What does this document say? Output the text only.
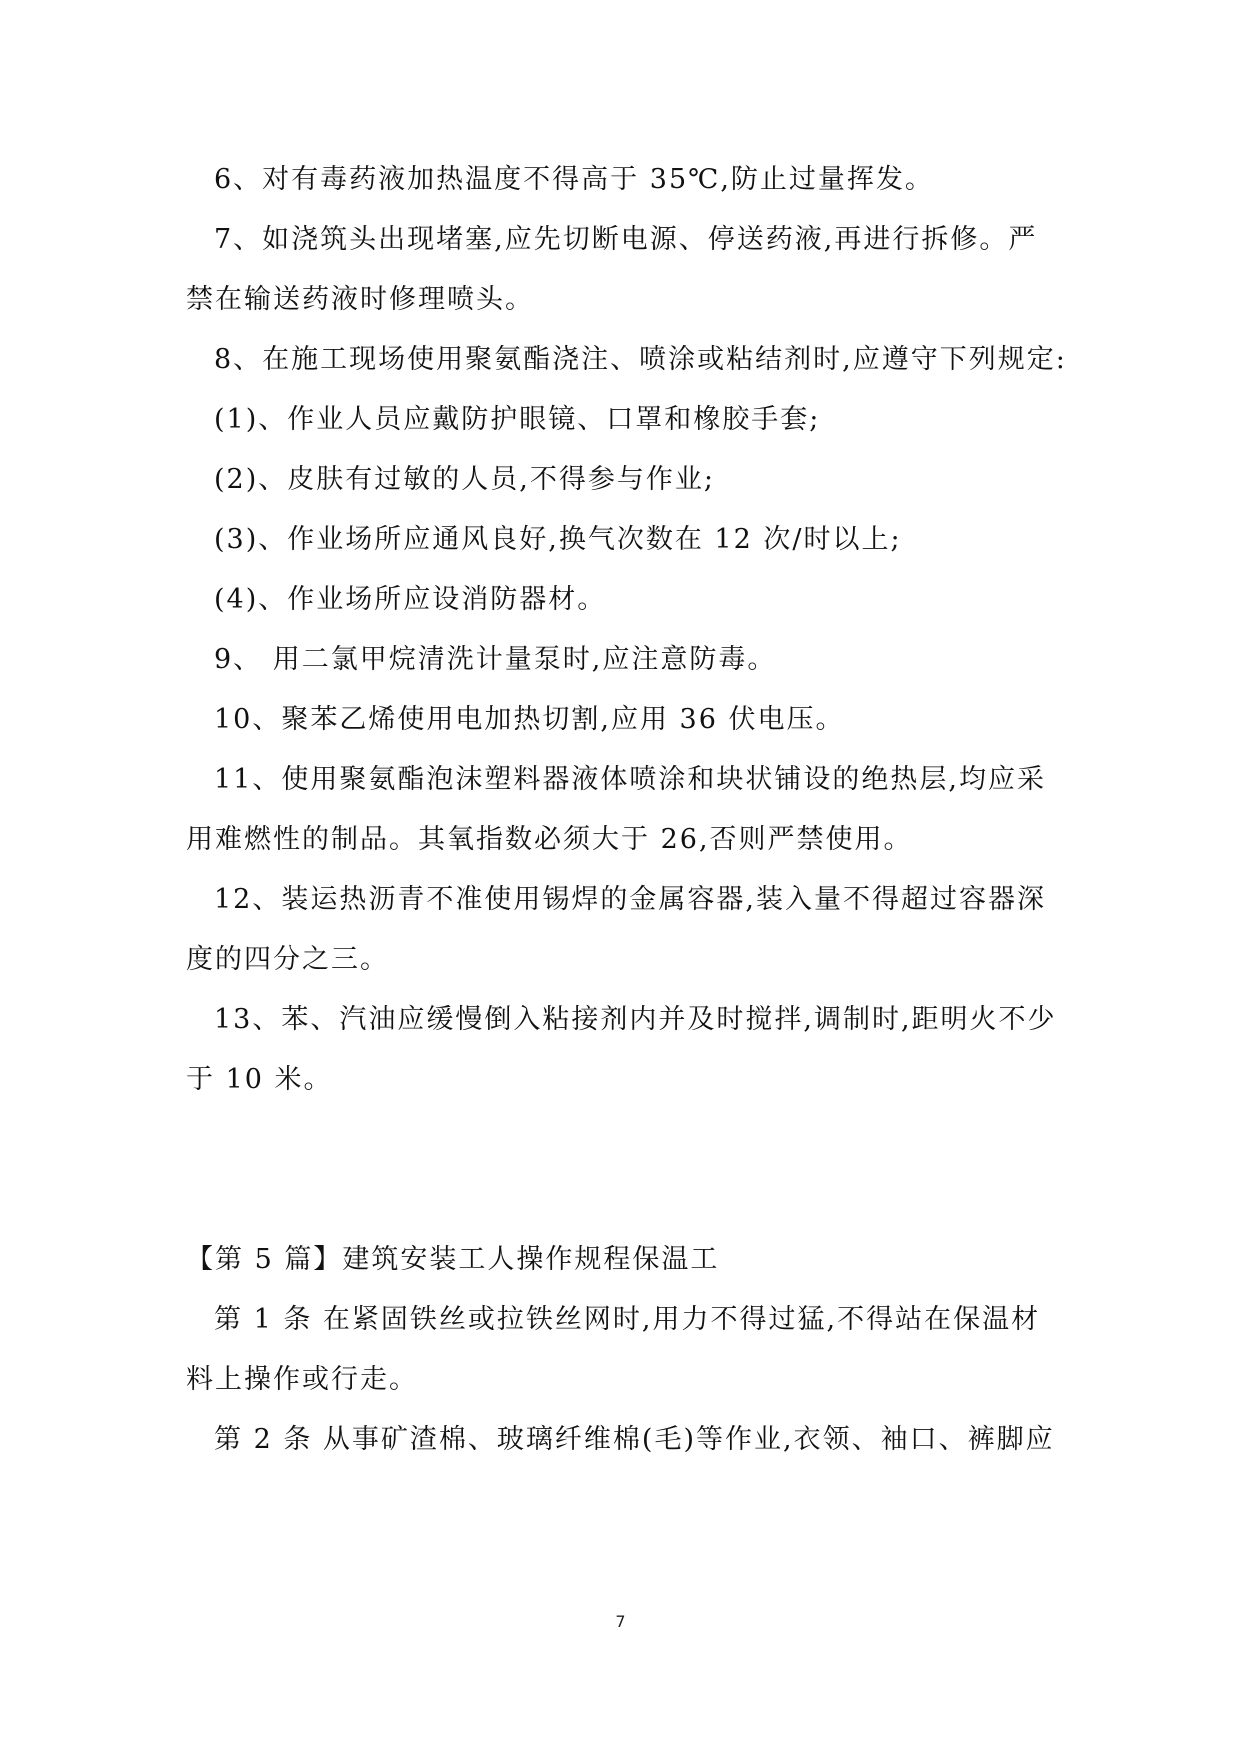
6、对有毒药液加热温度不得高于 35℃,防止过量挥发。
7、如浇筑头出现堵塞,应先切断电源、停送药液,再进行拆修。严
禁在输送药液时修理喷头。
8、在施工现场使用聚氨酯浇注、喷涂或粘结剂时,应遵守下列规定:
(1)、作业人员应戴防护眼镜、口罩和橡胶手套;
(2)、皮肤有过敏的人员,不得参与作业;
(3)、作业场所应通风良好,换气次数在 12 次/时以上;
(4)、作业场所应设消防器材。
9、 用二氯甲烷清洗计量泵时,应注意防毒。
10、聚苯乙烯使用电加热切割,应用 36 伏电压。
11、使用聚氨酯泡沫塑料器液体喷涂和块状铺设的绝热层,均应采
用难燃性的制品。其氧指数必须大于 26,否则严禁使用。
12、装运热沥青不准使用锡焊的金属容器,装入量不得超过容器深
度的四分之三。
13、苯、汽油应缓慢倒入粘接剂内并及时搅拌,调制时,距明火不少
于 10 米。
【第 5 篇】建筑安装工人操作规程保温工
第 1 条 在紧固铁丝或拉铁丝网时,用力不得过猛,不得站在保温材
料上操作或行走。
第 2 条 从事矿渣棉、玻璃纤维棉(毛)等作业,衣领、袖口、裤脚应
7
